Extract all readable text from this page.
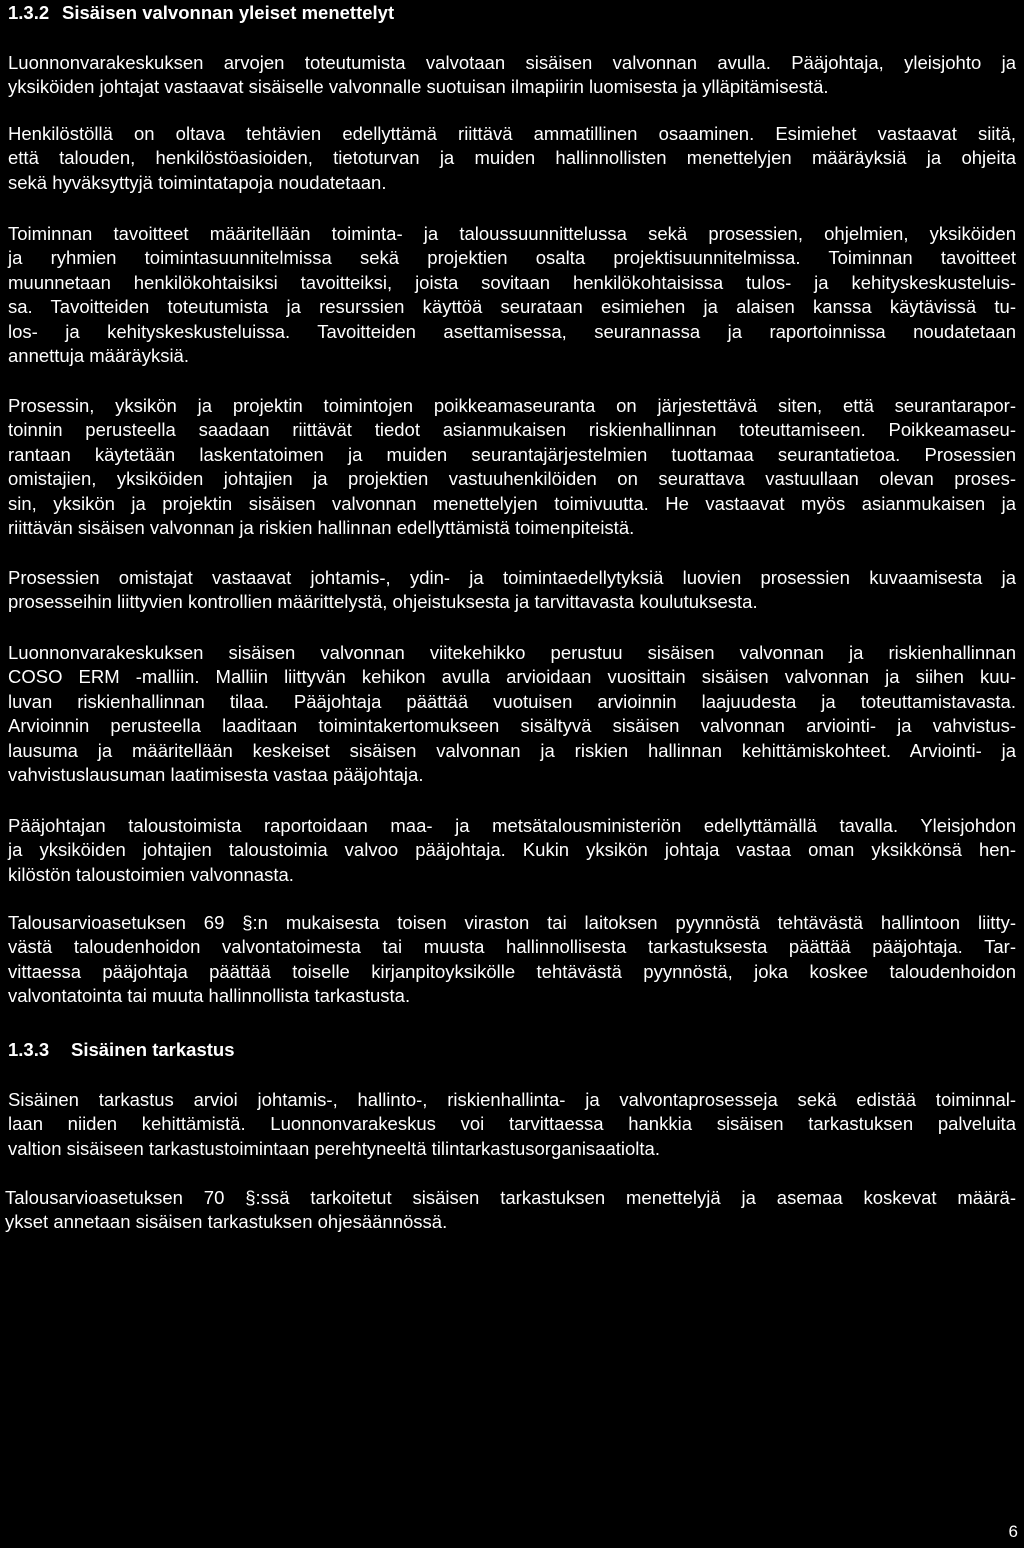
1.3.2 Sisäisen valvonnan yleiset menettelyt

Luonnonvarakeskuksen arvojen toteutumista valvotaan sisäisen valvonnan avulla. Pääjohtaja, yleisjohto ja
yksiköiden johtajat vastaavat sisäiselle valvonnalle suotuisan ilmapiirin luomisesta ja ylläpitämisestä.

Henkilöstöllä on oltava tehtävien edellyttämä riittävä ammatillinen osaaminen. Esimiehet vastaavat siitä,
että talouden, henkilöstöasioiden, tietoturvan ja muiden hallinnollisten menettelyjen määräyksiä ja ohjeita
sekä hyväksyttyjä toimintatapoja noudatetaan.

Toiminnan tavoitteet määritellään toiminta- ja taloussuunnittelussa sekä prosessien, ohjelmien, yksiköiden
ja ryhmien toimintasuunnitelmissa sekä projektien osalta projektisuunnitelmissa. Toiminnan tavoitteet
muunnetaan henkilökohtaisiksi tavoitteiksi, joista sovitaan henkilökohtaisissa tulos- ja kehityskeskusteluis-
sa. Tavoitteiden toteutumista ja resurssien käyttöä seurataan esimiehen ja alaisen kanssa käytävissä tu-
los- ja kehityskeskusteluissa. Tavoitteiden asettamisessa, seurannassa ja raportoinnissa noudatetaan
annettuja määräyksiä.

Prosessin, yksikön ja projektin toimintojen poikkeamaseuranta on järjestettävä siten, että seurantarapor-
toinnin perusteella saadaan riittävät tiedot asianmukaisen riskienhallinnan toteuttamiseen. Poikkeamaseu-
rantaan käytetään laskentatoimen ja muiden seurantajärjestelmien tuottamaa seurantatietoa. Prosessien
omistajien, yksiköiden johtajien ja projektien vastuuhenkilöiden on seurattava vastuullaan olevan proses-
sin, yksikön ja projektin sisäisen valvonnan menettelyjen toimivuutta. He vastaavat myös asianmukaisen ja
riittävän sisäisen valvonnan ja riskien hallinnan edellyttämistä toimenpiteistä.

Prosessien omistajat vastaavat johtamis-, ydin- ja toimintaedellytyksiä luovien prosessien kuvaamisesta ja
prosesseihin liittyvien kontrollien määrittelystä, ohjeistuksesta ja tarvittavasta koulutuksesta.

Luonnonvarakeskuksen sisäisen valvonnan viitekehikko perustuu sisäisen valvonnan ja riskienhallinnan
COSO ERM -malliin. Malliin liittyvän kehikon avulla arvioidaan vuosittain sisäisen valvonnan ja siihen kuu-
luvan riskienhallinnan tilaa. Pääjohtaja päättää vuotuisen arvioinnin laajuudesta ja toteuttamistavasta.
Arvioinnin perusteella laaditaan toimintakertomukseen sisältyvä sisäisen valvonnan arviointi- ja vahvistus-
lausuma ja määritellään keskeiset sisäisen valvonnan ja riskien hallinnan kehittämiskohteet. Arviointi- ja
vahvistuslausuman laatimisesta vastaa pääjohtaja.

Pääjohtajan taloustoimista raportoidaan maa- ja metsätalousministeriön edellyttämällä tavalla. Yleisjohdon
ja yksiköiden johtajien taloustoimia valvoo pääjohtaja. Kukin yksikön johtaja vastaa oman yksikkönsä hen-
kilöstön taloustoimien valvonnasta.

Talousarvioasetuksen 69 §:n mukaisesta toisen viraston tai laitoksen pyynnöstä tehtävästä hallintoon liitty-
västä taloudenhoidon valvontatoimesta tai muusta hallinnollisesta tarkastuksesta päättää pääjohtaja. Tar-
vittaessa pääjohtaja päättää toiselle kirjanpitoyksikölle tehtävästä pyynnöstä, joka koskee taloudenhoidon
valvontatointa tai muuta hallinnollista tarkastusta.

1.3.3 Sisäinen tarkastus

Sisäinen tarkastus arvioi johtamis-, hallinto-, riskienhallinta- ja valvontaprosesseja sekä edistää toiminnal-
laan niiden kehittämistä. Luonnonvarakeskus voi tarvittaessa hankkia sisäisen tarkastuksen palveluita
valtion sisäiseen tarkastustoimintaan perehtyneeltä tilintarkastusorganisaatiolta.

Talousarvioasetuksen 70 §:ssä tarkoitetut sisäisen tarkastuksen menettelyjä ja asemaa koskevat määrä-
ykset annetaan sisäisen tarkastuksen ohjesäännössä.

6
